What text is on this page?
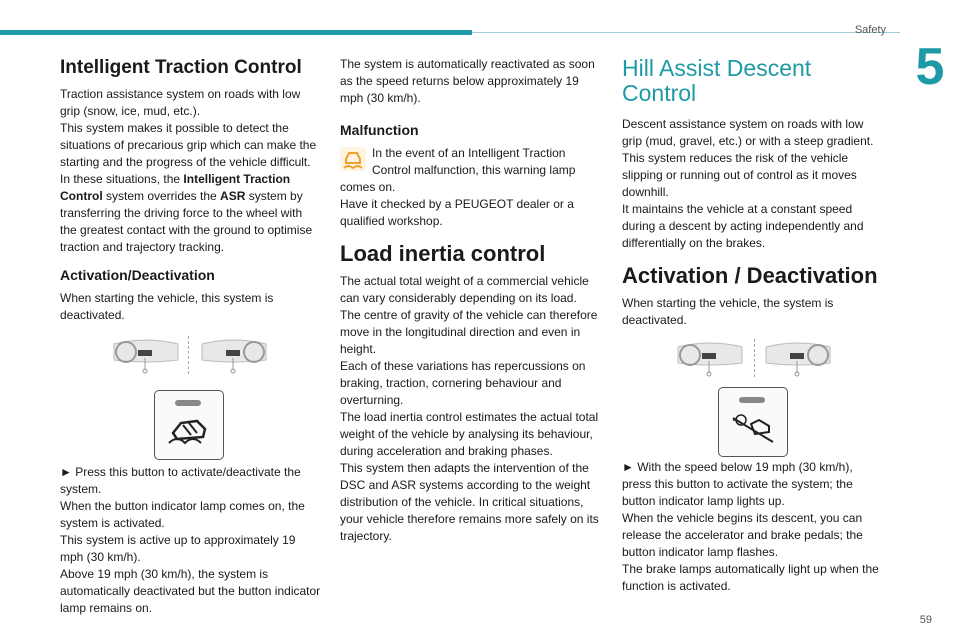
Safety
5
59
Intelligent Traction Control

Traction assistance system on roads with low grip (snow, ice, mud, etc.).

This system makes it possible to detect the situations of precarious grip which can make the starting and the progress of the vehicle difficult.

In these situations, the Intelligent Traction Control system overrides the ASR system by transferring the driving force to the wheel with the greatest contact with the ground to optimise traction and trajectory tracking.

Activation/Deactivation

When starting the vehicle, this system is deactivated.

► Press this button to activate/deactivate the system.

When the button indicator lamp comes on, the system is activated.

This system is active up to approximately 19 mph (30 km/h).

Above 19 mph (30 km/h), the system is automatically deactivated but the button indicator lamp remains on.

The system is automatically reactivated as soon as the speed returns below approximately 19 mph (30 km/h).

Malfunction

In the event of an Intelligent Traction Control malfunction, this warning lamp comes on.

Have it checked by a PEUGEOT dealer or a qualified workshop.

Load inertia control

The actual total weight of a commercial vehicle can vary considerably depending on its load.

The centre of gravity of the vehicle can therefore move in the longitudinal direction and even in height.

Each of these variations has repercussions on braking, traction, cornering behaviour and overturning.

The load inertia control estimates the actual total weight of the vehicle by analysing its behaviour, during acceleration and braking phases.

This system then adapts the intervention of the DSC and ASR systems according to the weight distribution of the vehicle. In critical situations, your vehicle therefore remains more safely on its trajectory.

Hill Assist Descent Control

Descent assistance system on roads with low grip (mud, gravel, etc.) or with a steep gradient.

This system reduces the risk of the vehicle slipping or running out of control as it moves downhill.

It maintains the vehicle at a constant speed during a descent by acting independently and differentially on the brakes.

Activation / Deactivation

When starting the vehicle, the system is deactivated.

► With the speed below 19 mph (30 km/h), press this button to activate the system; the button indicator lamp lights up.

When the vehicle begins its descent, you can release the accelerator and brake pedals; the button indicator lamp flashes.

The brake lamps automatically light up when the function is activated.
